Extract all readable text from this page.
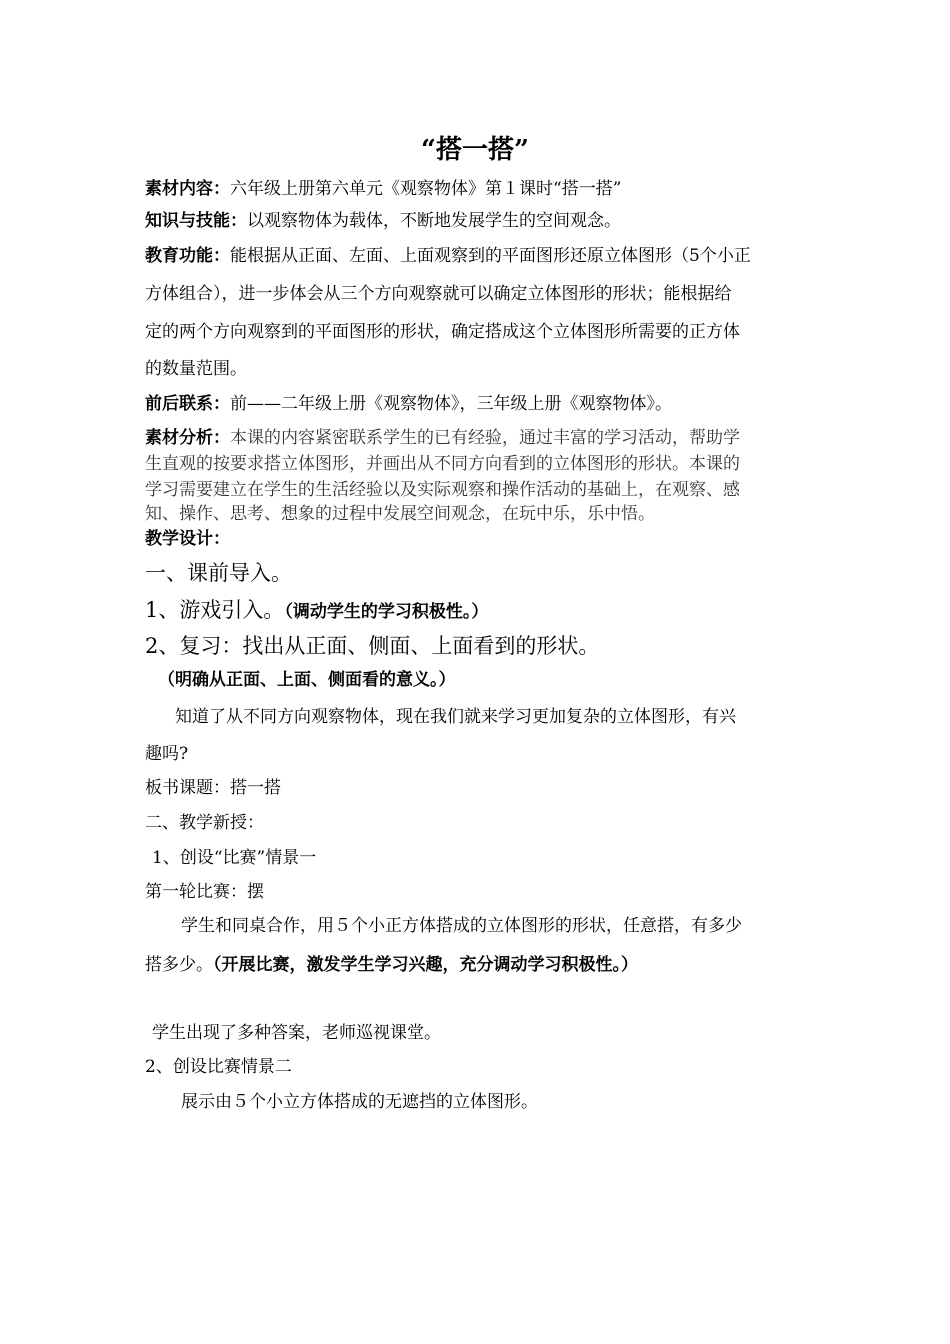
“搭一搭”
素材内容：六年级上册第六单元《观察物体》第１课时“搭一搭”
知识与技能：以观察物体为载体，不断地发展学生的空间观念。
教育功能：能根据从正面、左面、上面观察到的平面图形还原立体图形（5个小正
方体组合），进一步体会从三个方向观察就可以确定立体图形的形状；能根据给
定的两个方向观察到的平面图形的形状，确定搭成这个立体图形所需要的正方体
的数量范围。
前后联系：前——二年级上册《观察物体》，三年级上册《观察物体》。
素材分析：本课的内容紧密联系学生的已有经验，通过丰富的学习活动，帮助学
生直观的按要求搭立体图形，并画出从不同方向看到的立体图形的形状。本课的
学习需要建立在学生的生活经验以及实际观察和操作活动的基础上，在观察、感
知、操作、思考、想象的过程中发展空间观念，在玩中乐，乐中悟。
教学设计：
一、课前导入。
1、游戏引入。（调动学生的学习积极性。）
2、复习：找出从正面、侧面、上面看到的形状。
（明确从正面、上面、侧面看的意义。）
知道了从不同方向观察物体，现在我们就来学习更加复杂的立体图形，有兴
趣吗?
板书课题：搭一搭
二、教学新授：
1、创设“比赛”情景一
第一轮比赛：摆
学生和同桌合作，用５个小正方体搭成的立体图形的形状，任意搭，有多少
搭多少。（开展比赛，激发学生学习兴趣，充分调动学习积极性。）
学生出现了多种答案，老师巡视课堂。
2、创设比赛情景二
展示由５个小立方体搭成的无遮挡的立体图形。
